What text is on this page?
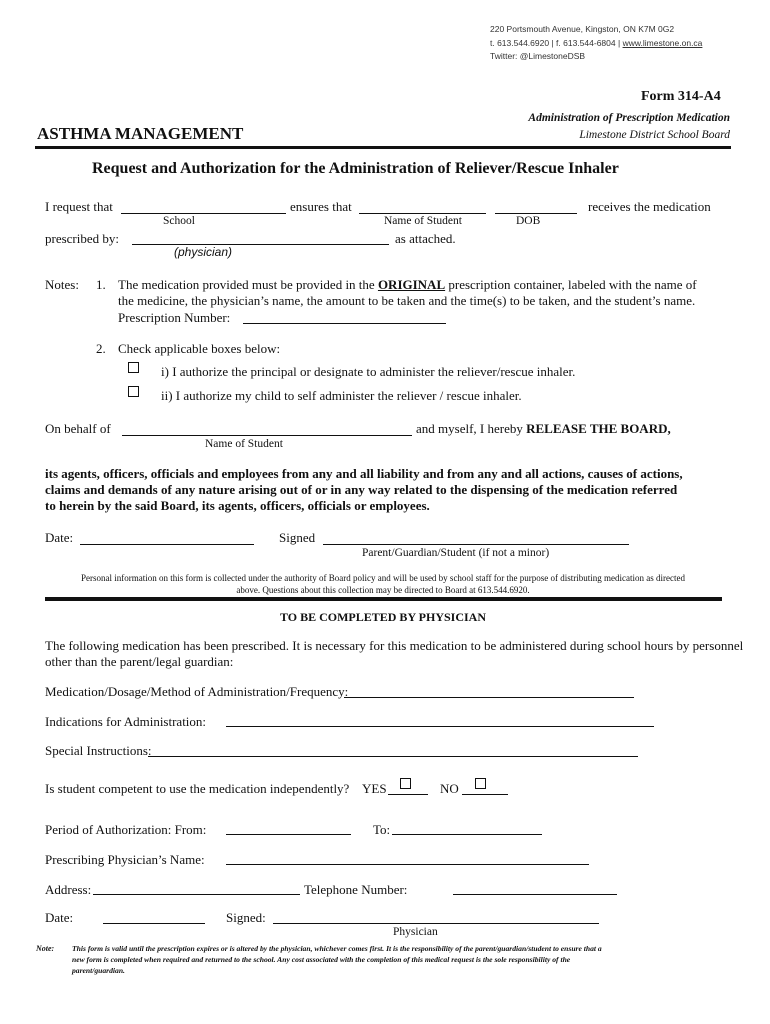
220 Portsmouth Avenue, Kingston, ON K7M 0G2
t. 613.544.6920 | f. 613.544-6804 | www.limestone.on.ca
Twitter: @LimestoneDSB
Form 314-A4
Administration of Prescription Medication
Limestone District School Board
ASTHMA MANAGEMENT
Request and Authorization for the Administration of Reliever/Rescue Inhaler
I request that	ensures that	receives the medication
School	Name of Student	DOB
prescribed by:	as attached.
(physician)
Notes: 1. The medication provided must be provided in the ORIGINAL prescription container, labeled with the name of
the medicine, the physician’s name, the amount to be taken and the time(s) to be taken, and the student’s name.
Prescription Number:
2. Check applicable boxes below:
i) I authorize the principal or designate to administer the reliever/rescue inhaler.
ii) I authorize my child to self administer the reliever / rescue inhaler.
On behalf of	and myself, I hereby RELEASE THE BOARD,
Name of Student
its agents, officers, officials and employees from any and all liability and from any and all actions, causes of actions,
claims and demands of any nature arising out of or in any way related to the dispensing of the medication referred
to herein by the said Board, its agents, officers, officials or employees.
Date:	Signed
Parent/Guardian/Student (if not a minor)
Personal information on this form is collected under the authority of Board policy and will be used by school staff for the purpose of distributing medication as directed
above. Questions about this collection may be directed to Board at 613.544.6920.
TO BE COMPLETED BY PHYSICIAN
The following medication has been prescribed. It is necessary for this medication to be administered during school hours by personnel
other than the parent/legal guardian:
Medication/Dosage/Method of Administration/Frequency:
Indications for Administration:
Special Instructions:
Is student competent to use the medication independently? YES	NO
Period of Authorization: From:	To:
Prescribing Physician’s Name:
Address:	Telephone Number:
Date:	Signed:
Physician
Note: This form is valid until the prescription expires or is altered by the physician, whichever comes first. It is the responsibility of the parent/guardian/student to ensure that a
new form is completed when required and returned to the school. Any cost associated with the completion of this medical request is the sole responsibility of the
parent/guardian.
